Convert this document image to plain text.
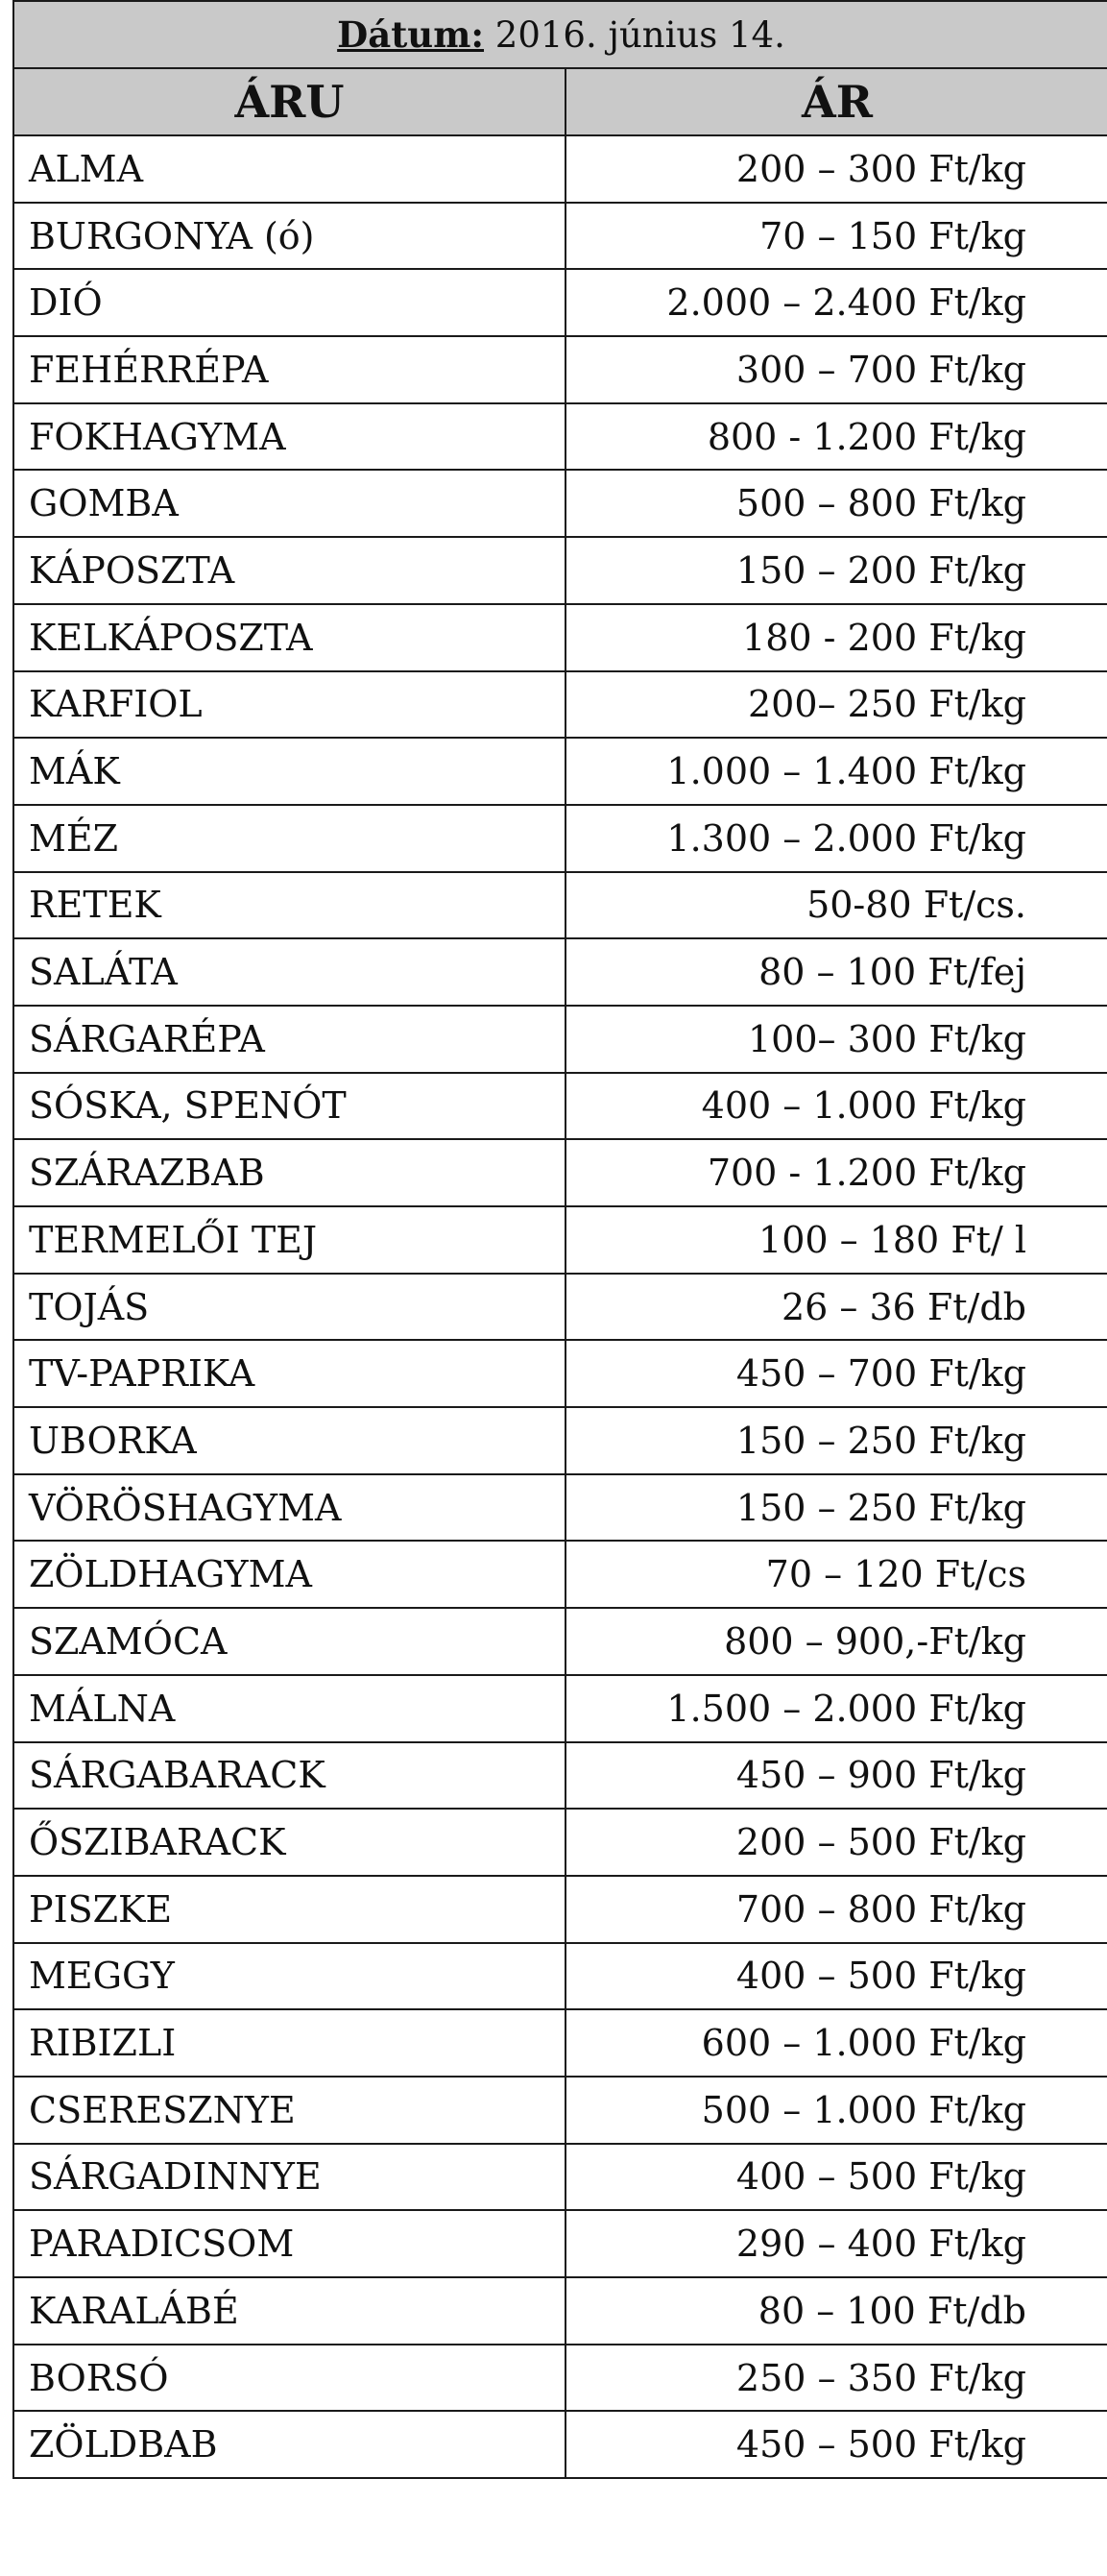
Dátum: 2016. június 14.	
ÁRU	ÁR
ALMA	200 – 300 Ft/kg
BURGONYA (ó)	70 – 150 Ft/kg
DIÓ	2.000 – 2.400 Ft/kg
FEHÉRRÉPA	300 – 700 Ft/kg
FOKHAGYMA	800 - 1.200 Ft/kg
GOMBA	500 – 800 Ft/kg
KÁPOSZTA	150 – 200 Ft/kg
KELKÁPOSZTA	180 - 200 Ft/kg
KARFIOL	200– 250 Ft/kg
MÁK	1.000 – 1.400 Ft/kg
MÉZ	1.300 – 2.000 Ft/kg
RETEK	50-80 Ft/cs.
SALÁTA	80 – 100 Ft/fej
SÁRGARÉPA	100– 300 Ft/kg
SÓSKA, SPENÓT	400 – 1.000 Ft/kg
SZÁRAZBAB	700 - 1.200 Ft/kg
TERMELŐI TEJ	100 – 180 Ft/ l
TOJÁS	26 – 36 Ft/db
TV-PAPRIKA	450 – 700 Ft/kg
UBORKA	150 – 250 Ft/kg
VÖRÖSHAGYMA	150 – 250 Ft/kg
ZÖLDHAGYMA	70 – 120 Ft/cs
SZAMÓCA	800 – 900,-Ft/kg
MÁLNA	1.500 – 2.000 Ft/kg
SÁRGABARACK	450 – 900 Ft/kg
ŐSZIBARACK	200 – 500 Ft/kg
PISZKE	700 – 800 Ft/kg
MEGGY	400 – 500 Ft/kg
RIBIZLI	600 – 1.000 Ft/kg
CSERESZNYE	500 – 1.000 Ft/kg
SÁRGADINNYE	400 – 500 Ft/kg
PARADICSOM	290 – 400 Ft/kg
KARALÁBÉ	80 – 100 Ft/db
BORSÓ	250 – 350 Ft/kg
ZÖLDBAB	450 – 500 Ft/kg
